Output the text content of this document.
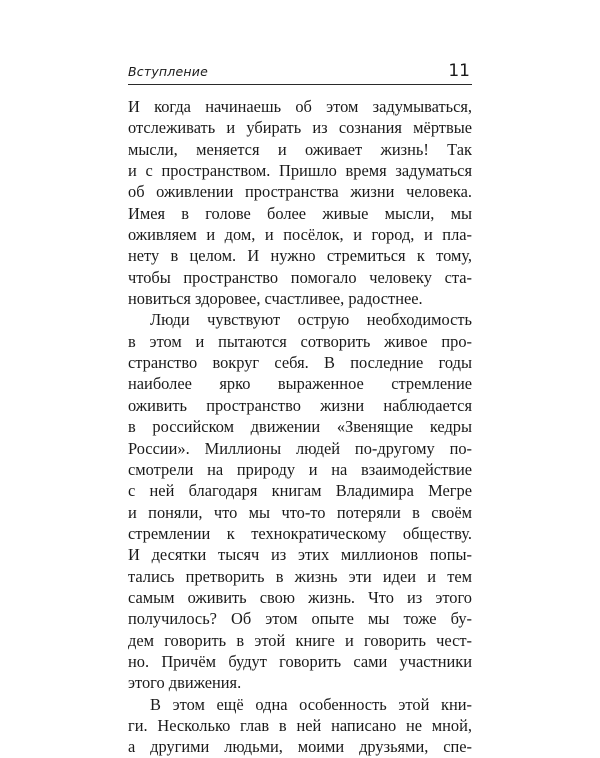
Вступление	11
И когда начинаешь об этом задумываться,
отслеживать и убирать из сознания мёртвые
мысли, меняется и оживает жизнь! Так
и с пространством. Пришло время задуматься
об оживлении пространства жизни человека.
Имея в голове более живые мысли, мы
оживляем и дом, и посёлок, и город, и пла-
нету в целом. И нужно стремиться к тому,
чтобы пространство помогало человеку ста-
новиться здоровее, счастливее, радостнее.
Люди чувствуют острую необходимость
в этом и пытаются сотворить живое про-
странство вокруг себя. В последние годы
наиболее ярко выраженное стремление
оживить пространство жизни наблюдается
в российском движении «Звенящие кедры
России». Миллионы людей по-другому по-
смотрели на природу и на взаимодействие
с ней благодаря книгам Владимира Мегре
и поняли, что мы что-то потеряли в своём
стремлении к технократическому обществу.
И десятки тысяч из этих миллионов попы-
тались претворить в жизнь эти идеи и тем
самым оживить свою жизнь. Что из этого
получилось? Об этом опыте мы тоже бу-
дем говорить в этой книге и говорить чест-
но. Причём будут говорить сами участники
этого движения.
В этом ещё одна особенность этой кни-
ги. Несколько глав в ней написано не мной,
а другими людьми, моими друзьями, спе-
